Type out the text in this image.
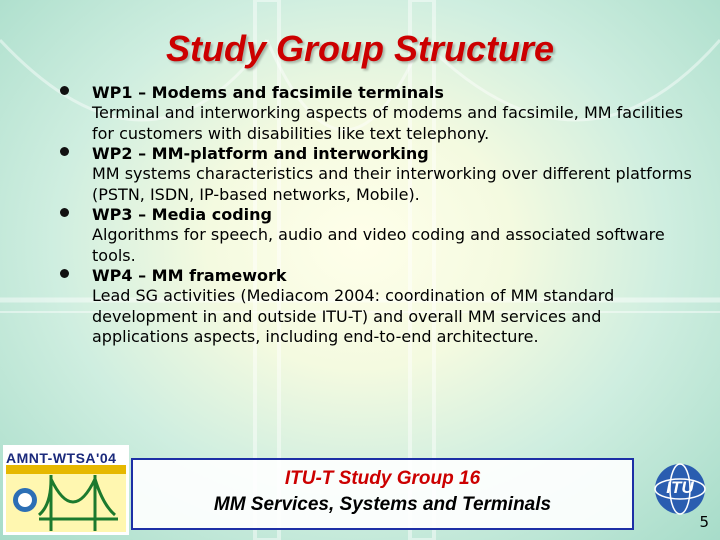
Study Group Structure
WP1 – Modems and facsimile terminals
Terminal and interworking aspects of modems and facsimile, MM facilities for customers with disabilities like text telephony.
WP2 – MM-platform and interworking
MM systems characteristics and their interworking over different platforms (PSTN, ISDN, IP-based networks, Mobile).
WP3 – Media coding
Algorithms for speech, audio and video coding and associated software tools.
WP4 – MM framework
Lead SG activities (Mediacom 2004: coordination of MM standard development in and outside ITU-T) and overall MM services and applications aspects, including end-to-end architecture.
AMNT-WTSA'04
ITU-T Study Group 16
MM Services, Systems and Terminals
ITU
5
